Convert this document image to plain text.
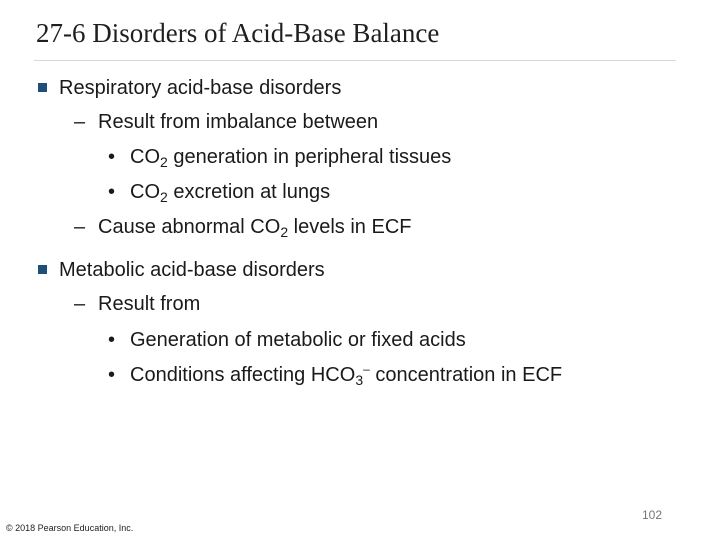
27-6 Disorders of Acid-Base Balance
Respiratory acid-base disorders
– Result from imbalance between
• $CO_2$ generation in peripheral tissues
• $CO_2$ excretion at lungs
– Cause abnormal $CO_2$ levels in ECF
Metabolic acid-base disorders
– Result from
• Generation of metabolic or fixed acids
• Conditions affecting $HCO_3^-$ concentration in ECF
102
© 2018 Pearson Education, Inc.
